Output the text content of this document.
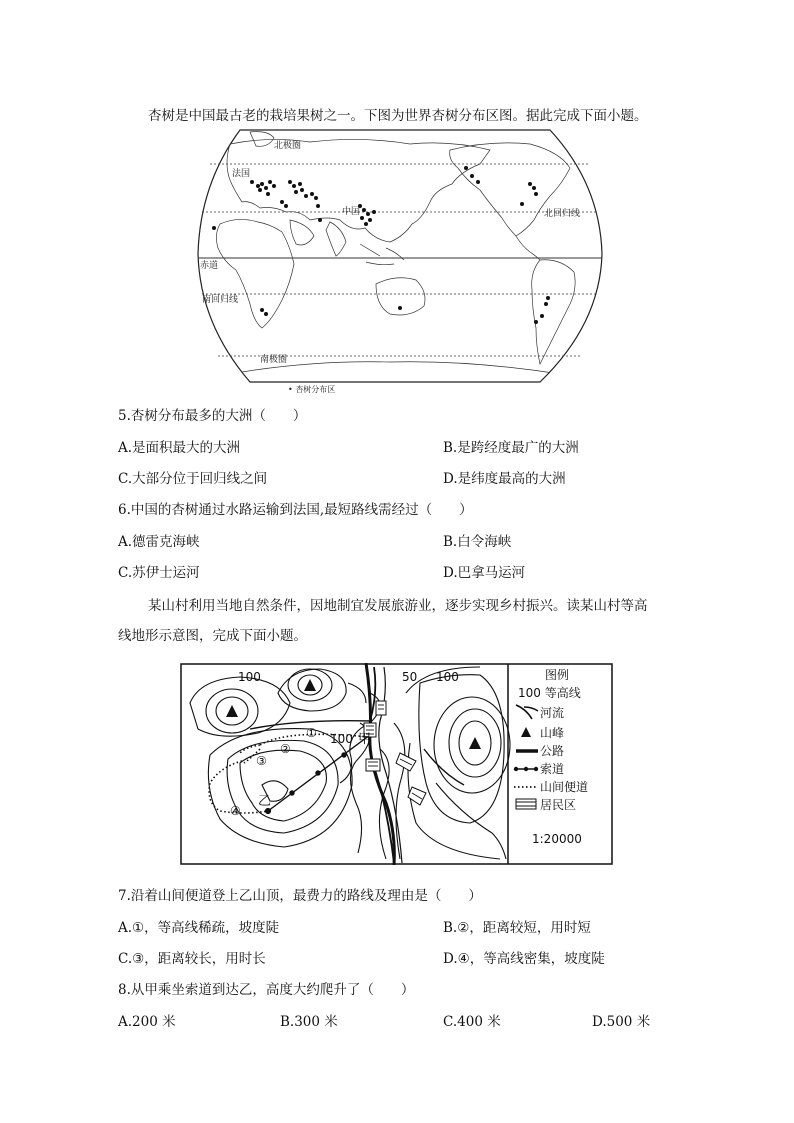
杏树是中国最古老的栽培果树之一。下图为世界杏树分布区图。据此完成下面小题。
北极圈
法国
中国	北回归线
赤道
南回归线
南极圈
• 杏树分布区
5.杏树分布最多的大洲（　　）
A.是面积最大的大洲	B.是跨经度最广的大洲
C.大部分位于回归线之间	D.是纬度最高的大洲
6.中国的杏树通过水路运输到法国,最短路线需经过（　　）
A.德雷克海峡	B.白令海峡
C.苏伊士运河	D.巴拿马运河
某山村利用当地自然条件，因地制宜发展旅游业，逐步实现乡村振兴。读某山村等高
线地形示意图，完成下面小题。
100	50 100
100 甲
乙
①
②
③
④
图例
100 等高线
河流
山峰
公路
索道
山间便道
居民区
1:20000
7.沿着山间便道登上乙山顶，最费力的路线及理由是（　　）
A.①，等高线稀疏，坡度陡	B.②，距离较短，用时短
C.③，距离较长，用时长	D.④，等高线密集，坡度陡
8.从甲乘坐索道到达乙，高度大约爬升了（　　）
A.200 米	B.300 米	C.400 米	D.500 米
